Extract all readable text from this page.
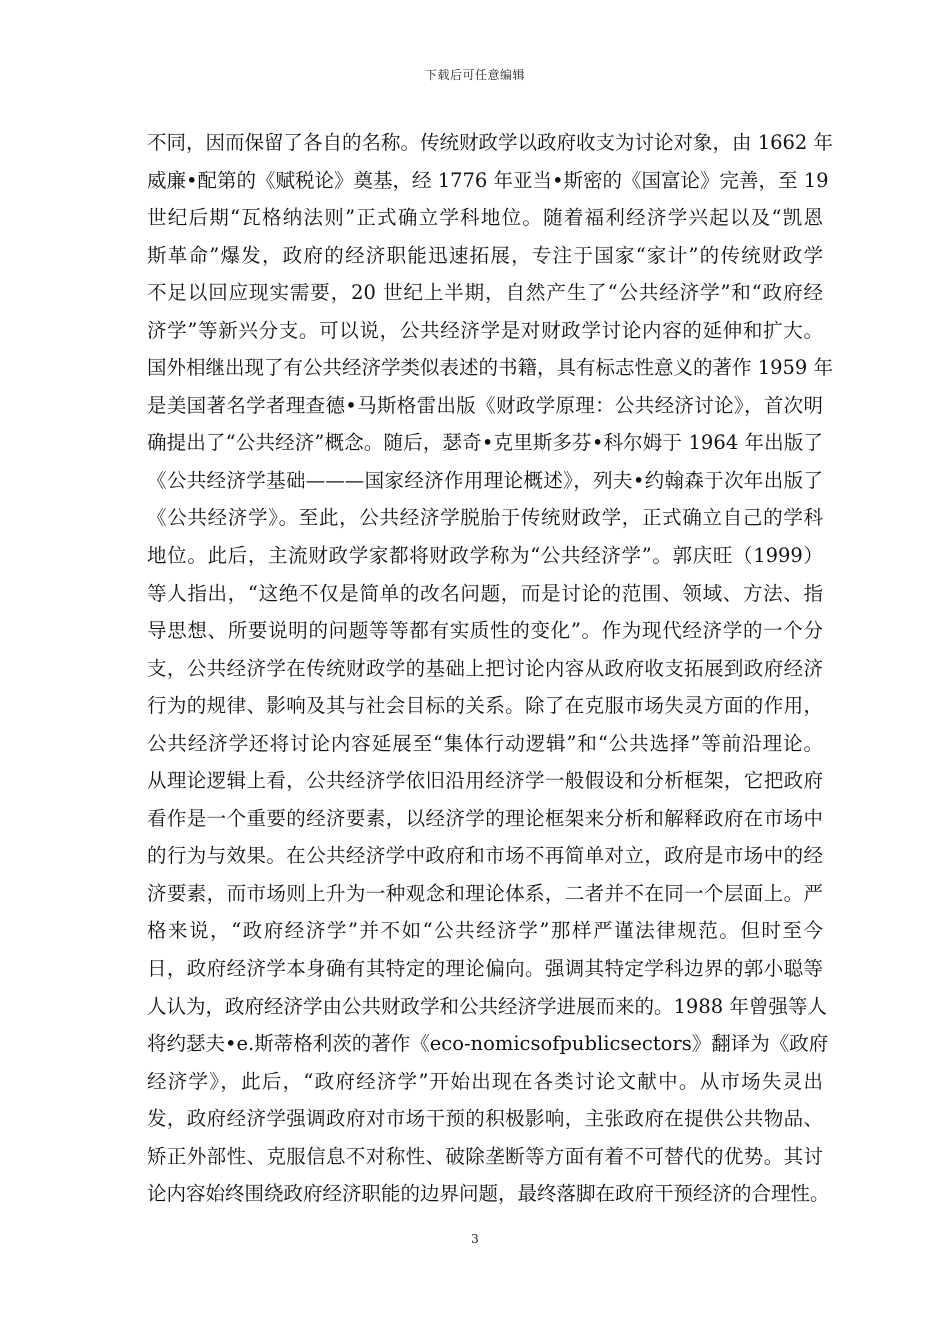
下载后可任意编辑
不同，因而保留了各自的名称。传统财政学以政府收支为讨论对象，由 1662 年
威廉•配第的《赋税论》奠基，经 1776 年亚当•斯密的《国富论》完善，至 19
世纪后期“瓦格纳法则”正式确立学科地位。随着福利经济学兴起以及“凯恩
斯革命”爆发，政府的经济职能迅速拓展，专注于国家“家计”的传统财政学
不足以回应现实需要，20 世纪上半期，自然产生了“公共经济学”和“政府经
济学”等新兴分支。可以说，公共经济学是对财政学讨论内容的延伸和扩大。
国外相继出现了有公共经济学类似表述的书籍，具有标志性意义的著作 1959 年
是美国著名学者理查德•马斯格雷出版《财政学原理：公共经济讨论》，首次明
确提出了“公共经济”概念。随后，瑟奇•克里斯多芬•科尔姆于 1964 年出版了
《公共经济学基础———国家经济作用理论概述》，列夫•约翰森于次年出版了
《公共经济学》。至此，公共经济学脱胎于传统财政学，正式确立自己的学科
地位。此后，主流财政学家都将财政学称为“公共经济学”。郭庆旺（1999）
等人指出，“这绝不仅是简单的改名问题，而是讨论的范围、领域、方法、指
导思想、所要说明的问题等等都有实质性的变化”。作为现代经济学的一个分
支，公共经济学在传统财政学的基础上把讨论内容从政府收支拓展到政府经济
行为的规律、影响及其与社会目标的关系。除了在克服市场失灵方面的作用，
公共经济学还将讨论内容延展至“集体行动逻辑”和“公共选择”等前沿理论。
从理论逻辑上看，公共经济学依旧沿用经济学一般假设和分析框架，它把政府
看作是一个重要的经济要素，以经济学的理论框架来分析和解释政府在市场中
的行为与效果。在公共经济学中政府和市场不再简单对立，政府是市场中的经
济要素，而市场则上升为一种观念和理论体系，二者并不在同一个层面上。严
格来说，“政府经济学”并不如“公共经济学”那样严谨法律规范。但时至今
日，政府经济学本身确有其特定的理论偏向。强调其特定学科边界的郭小聪等
人认为，政府经济学由公共财政学和公共经济学进展而来的。1988 年曾强等人
将约瑟夫•e.斯蒂格利茨的著作《eco-nomicsofpublicsectors》翻译为《政府
经济学》，此后，“政府经济学”开始出现在各类讨论文献中。从市场失灵出
发，政府经济学强调政府对市场干预的积极影响，主张政府在提供公共物品、
矫正外部性、克服信息不对称性、破除垄断等方面有着不可替代的优势。其讨
论内容始终围绕政府经济职能的边界问题，最终落脚在政府干预经济的合理性。
3
